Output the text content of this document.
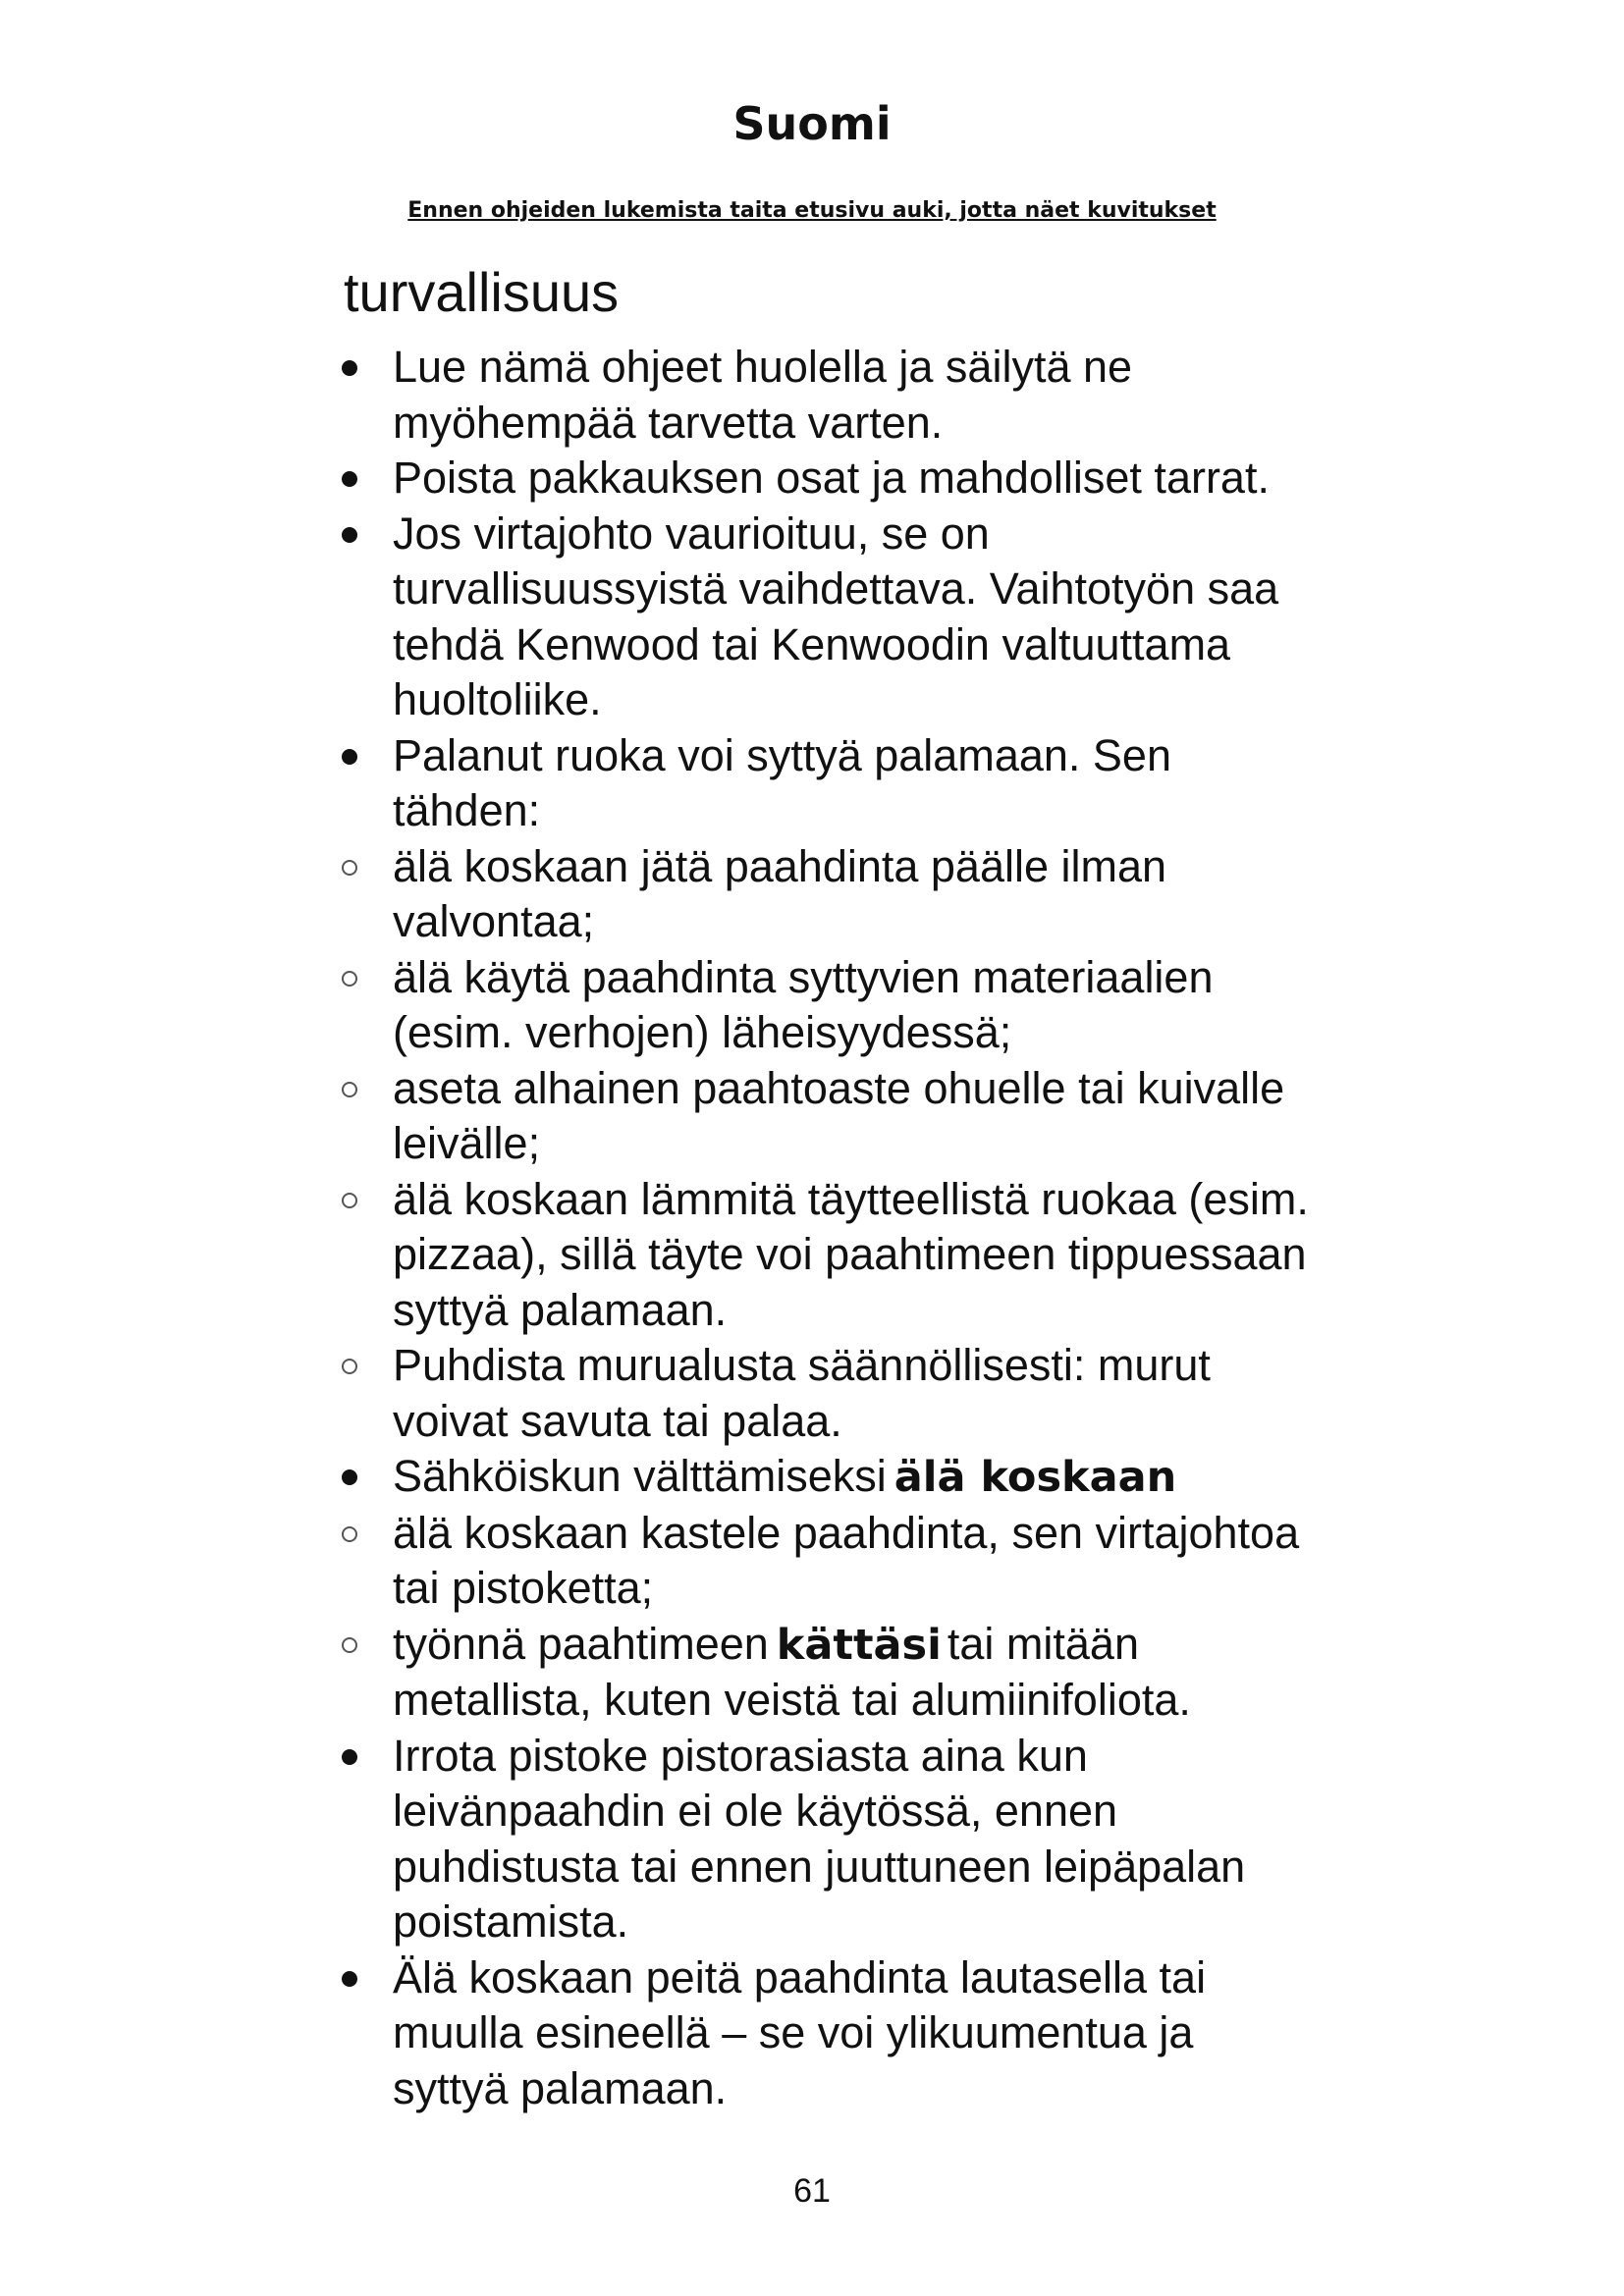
Suomi

Ennen ohjeiden lukemista taita etusivu auki, jotta näet kuvitukset

turvallisuus
Lue nämä ohjeet huolella ja säilytä ne myöhempää tarvetta varten.
Poista pakkauksen osat ja mahdolliset tarrat.
Jos virtajohto vaurioituu, se on turvallisuussyistä vaihdettava. Vaihtotyön saa tehdä Kenwood tai Kenwoodin valtuuttama huoltoliike.
Palanut ruoka voi syttyä palamaan. Sen tähden:
älä koskaan jätä paahdinta päälle ilman valvontaa;
älä käytä paahdinta syttyvien materiaalien (esim. verhojen) läheisyydessä;
aseta alhainen paahtoaste ohuelle tai kuivalle leivälle;
älä koskaan lämmitä täytteellistä ruokaa (esim. pizzaa), sillä täyte voi paahtimeen tippuessaan syttyä palamaan.
Puhdista murualusta säännöllisesti: murut voivat savuta tai palaa.
Sähköiskun välttämiseksi älä koskaan
älä koskaan kastele paahdinta, sen virtajohtoa tai pistoketta;
työnnä paahtimeen kättäsi tai mitään metallista, kuten veistä tai alumiinifoliota.
Irrota pistoke pistorasiasta aina kun leivänpaahdin ei ole käytössä, ennen puhdistusta tai ennen juuttuneen leipäpalan poistamista.
Älä koskaan peitä paahdinta lautasella tai muulla esineellä – se voi ylikuumentua ja syttyä palamaan.
61
